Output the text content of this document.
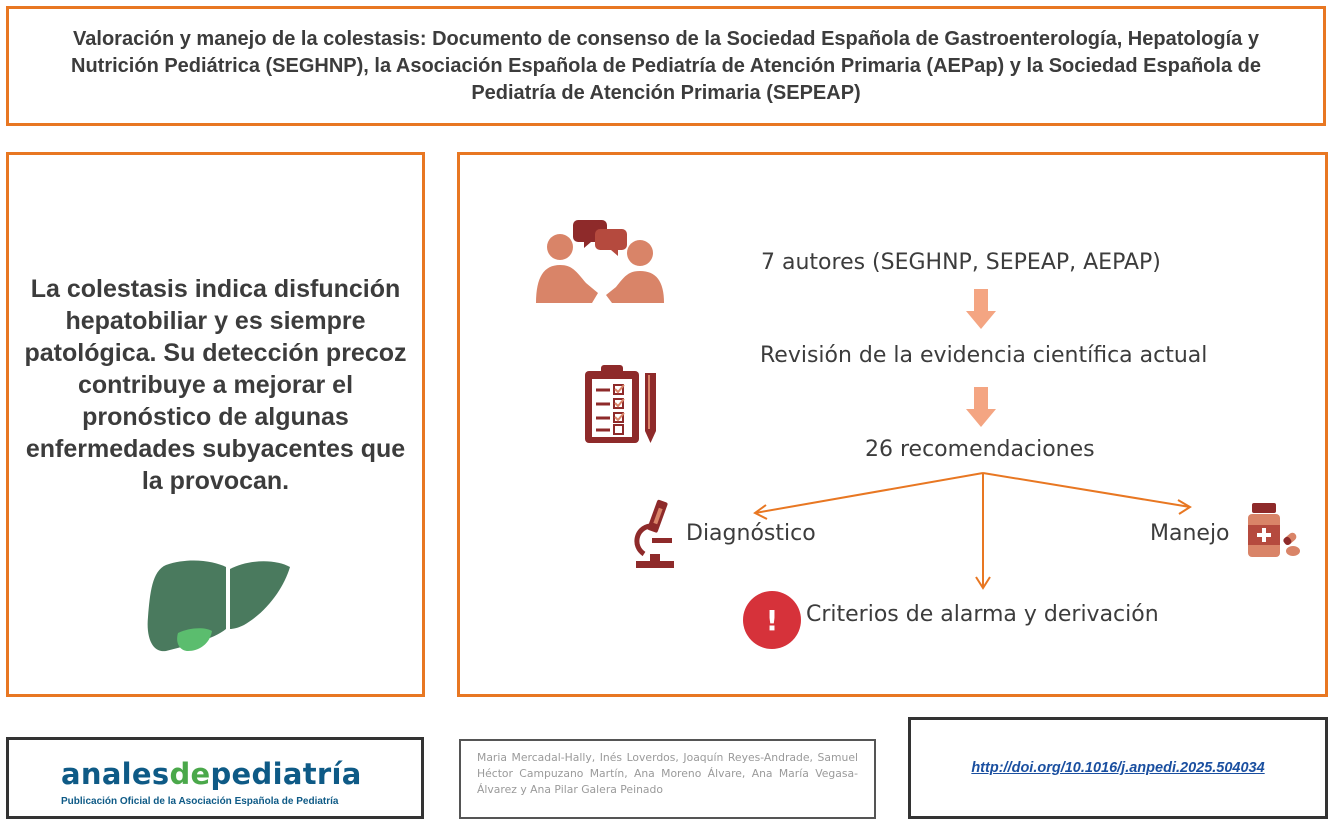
Valoración y manejo de la colestasis: Documento de consenso de la Sociedad Española de Gastroenterología, Hepatología y Nutrición Pediátrica (SEGHNP), la Asociación Española de Pediatría de Atención Primaria (AEPap) y la Sociedad Española de Pediatría de Atención Primaria (SEPEAP)

La colestasis indica disfunción hepatobiliar y es siempre patológica. Su detección precoz contribuye a mejorar el pronóstico de algunas enfermedades subyacentes que la provocan.

7 autores (SEGHNP, SEPEAP, AEPAP)
Revisión de la evidencia científica actual
26 recomendaciones
Diagnóstico	Manejo
! Criterios de alarma y derivación
analesdepediatría
Publicación Oficial de la Asociación Española de Pediatría

Maria Mercadal-Hally, Inés Loverdos, Joaquín Reyes-Andrade, Samuel Héctor Campuzano Martín, Ana Moreno Álvare, Ana María Vegasa-Álvarez y Ana Pilar Galera Peinado

http://doi.org/10.1016/j.anpedi.2025.504034
